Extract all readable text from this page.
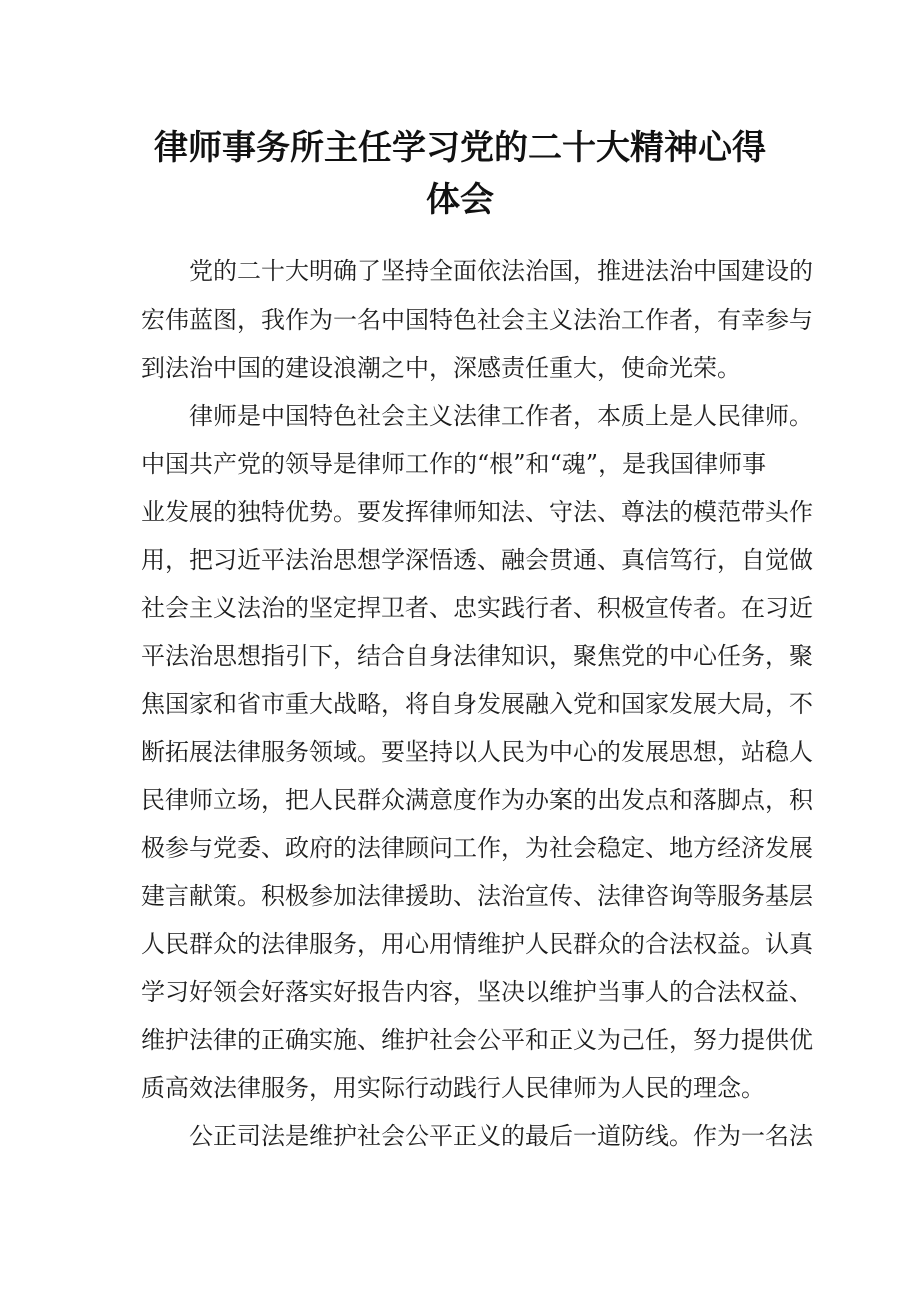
律师事务所主任学习党的二十大精神心得
体会
党的二十大明确了坚持全面依法治国，推进法治中国建设的
宏伟蓝图，我作为一名中国特色社会主义法治工作者，有幸参与
到法治中国的建设浪潮之中，深感责任重大，使命光荣。
律师是中国特色社会主义法律工作者，本质上是人民律师。
中国共产党的领导是律师工作的“根”和“魂”，是我国律师事
业发展的独特优势。要发挥律师知法、守法、尊法的模范带头作
用，把习近平法治思想学深悟透、融会贯通、真信笃行，自觉做
社会主义法治的坚定捍卫者、忠实践行者、积极宣传者。在习近
平法治思想指引下，结合自身法律知识，聚焦党的中心任务，聚
焦国家和省市重大战略，将自身发展融入党和国家发展大局，不
断拓展法律服务领域。要坚持以人民为中心的发展思想，站稳人
民律师立场，把人民群众满意度作为办案的出发点和落脚点，积
极参与党委、政府的法律顾问工作，为社会稳定、地方经济发展
建言献策。积极参加法律援助、法治宣传、法律咨询等服务基层
人民群众的法律服务，用心用情维护人民群众的合法权益。认真
学习好领会好落实好报告内容，坚决以维护当事人的合法权益、
维护法律的正确实施、维护社会公平和正义为己任，努力提供优
质高效法律服务，用实际行动践行人民律师为人民的理念。
公正司法是维护社会公平正义的最后一道防线。作为一名法
